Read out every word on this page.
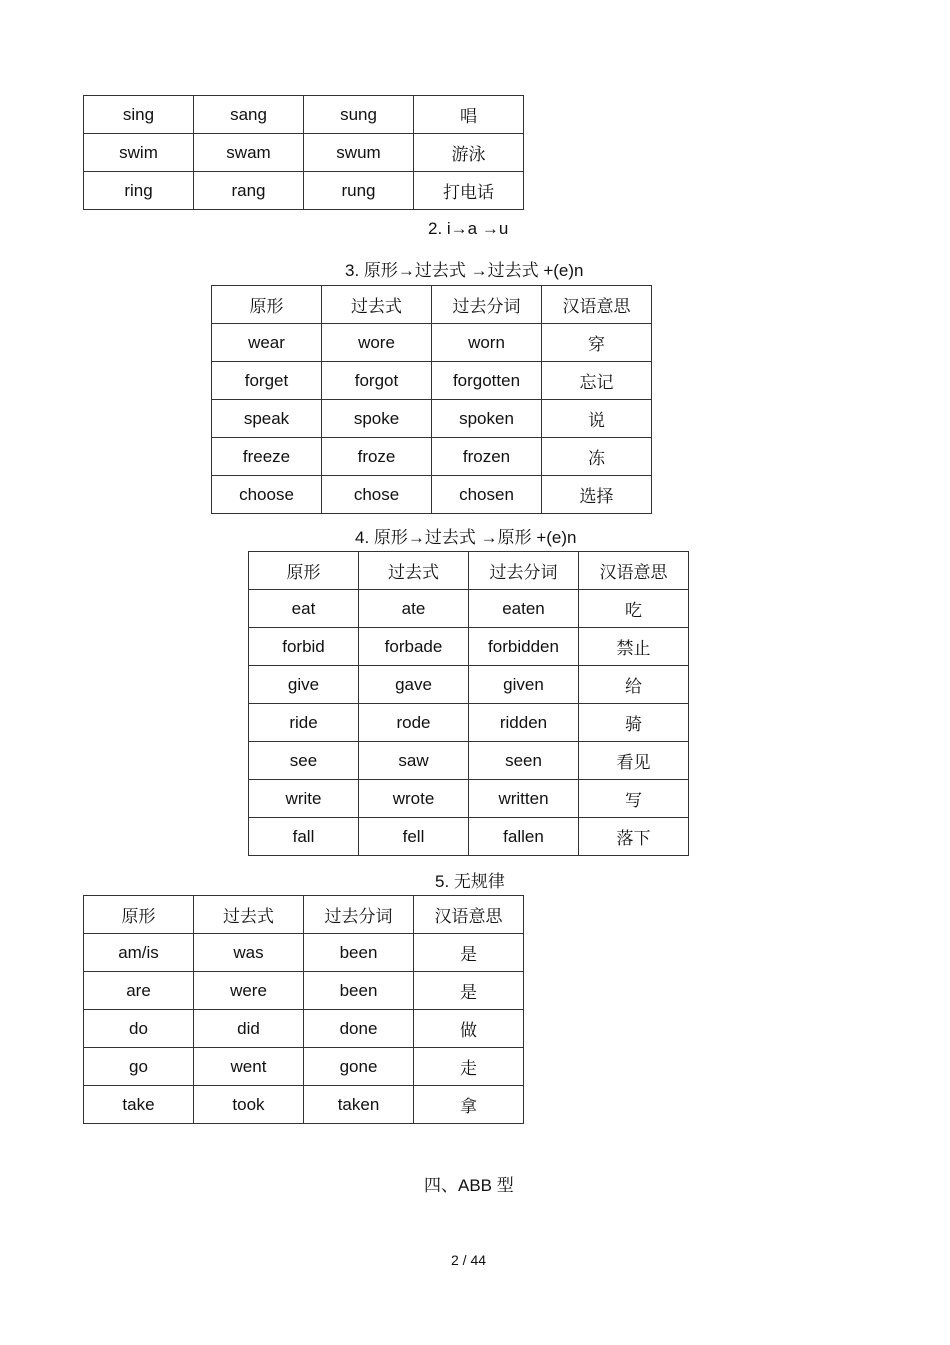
sing	sang	sung	唱
swim	swam	swum	游泳
ring	rang	rung	打电话
2. i→a →u
3. 原形→过去式 →过去式 +(e)n
原形	过去式	过去分词	汉语意思
wear	wore	worn	穿
forget	forgot	forgotten	忘记
speak	spoke	spoken	说
freeze	froze	frozen	冻
choose	chose	chosen	选择
4. 原形→过去式 →原形 +(e)n
原形	过去式	过去分词	汉语意思
eat	ate	eaten	吃
forbid	forbade	forbidden	禁止
give	gave	given	给
ride	rode	ridden	骑
see	saw	seen	看见
write	wrote	written	写
fall	fell	fallen	落下
5. 无规律
原形	过去式	过去分词	汉语意思
am/is	was	been	是
are	were	been	是
do	did	done	做
go	went	gone	走
take	took	taken	拿
四、ABB 型
2 / 44
